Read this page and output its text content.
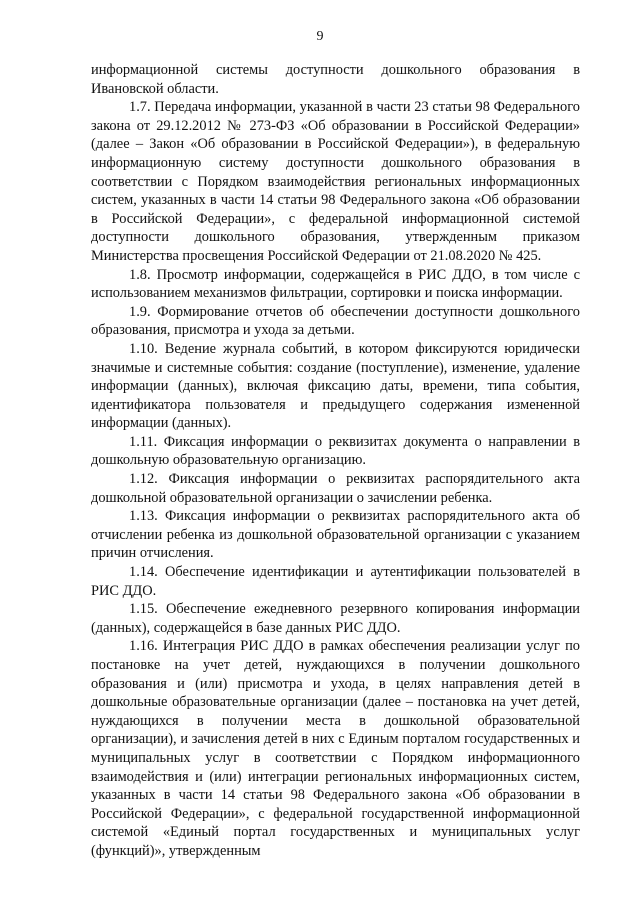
9

информационной системы доступности дошкольного образования в Ивановской области.

1.7. Передача информации, указанной в части 23 статьи 98 Федерального закона от 29.12.2012 № 273-ФЗ «Об образовании в Российской Федерации» (далее – Закон «Об образовании в Российской Федерации»), в федеральную информационную систему доступности дошкольного образования в соответствии с Порядком взаимодействия региональных информационных систем, указанных в части 14 статьи 98 Федерального закона «Об образовании в Российской Федерации», с федеральной информационной системой доступности дошкольного образования, утвержденным приказом Министерства просвещения Российской Федерации от 21.08.2020 № 425.

1.8. Просмотр информации, содержащейся в РИС ДДО, в том числе с использованием механизмов фильтрации, сортировки и поиска информации.

1.9. Формирование отчетов об обеспечении доступности дошкольного образования, присмотра и ухода за детьми.

1.10. Ведение журнала событий, в котором фиксируются юридически значимые и системные события: создание (поступление), изменение, удаление информации (данных), включая фиксацию даты, времени, типа события, идентификатора пользователя и предыдущего содержания измененной информации (данных).

1.11. Фиксация информации о реквизитах документа о направлении в дошкольную образовательную организацию.

1.12. Фиксация информации о реквизитах распорядительного акта дошкольной образовательной организации о зачислении ребенка.

1.13. Фиксация информации о реквизитах распорядительного акта об отчислении ребенка из дошкольной образовательной организации с указанием причин отчисления.

1.14. Обеспечение идентификации и аутентификации пользователей в РИС ДДО.

1.15. Обеспечение ежедневного резервного копирования информации (данных), содержащейся в базе данных РИС ДДО.

1.16. Интеграция РИС ДДО в рамках обеспечения реализации услуг по постановке на учет детей, нуждающихся в получении дошкольного образования и (или) присмотра и ухода, в целях направления детей в дошкольные образовательные организации (далее – постановка на учет детей, нуждающихся в получении места в дошкольной образовательной организации), и зачисления детей в них с Единым порталом государственных и муниципальных услуг в соответствии с Порядком информационного взаимодействия и (или) интеграции региональных информационных систем, указанных в части 14 статьи 98 Федерального закона «Об образовании в Российской Федерации», с федеральной государственной информационной системой «Единый портал государственных и муниципальных услуг (функций)», утвержденным
